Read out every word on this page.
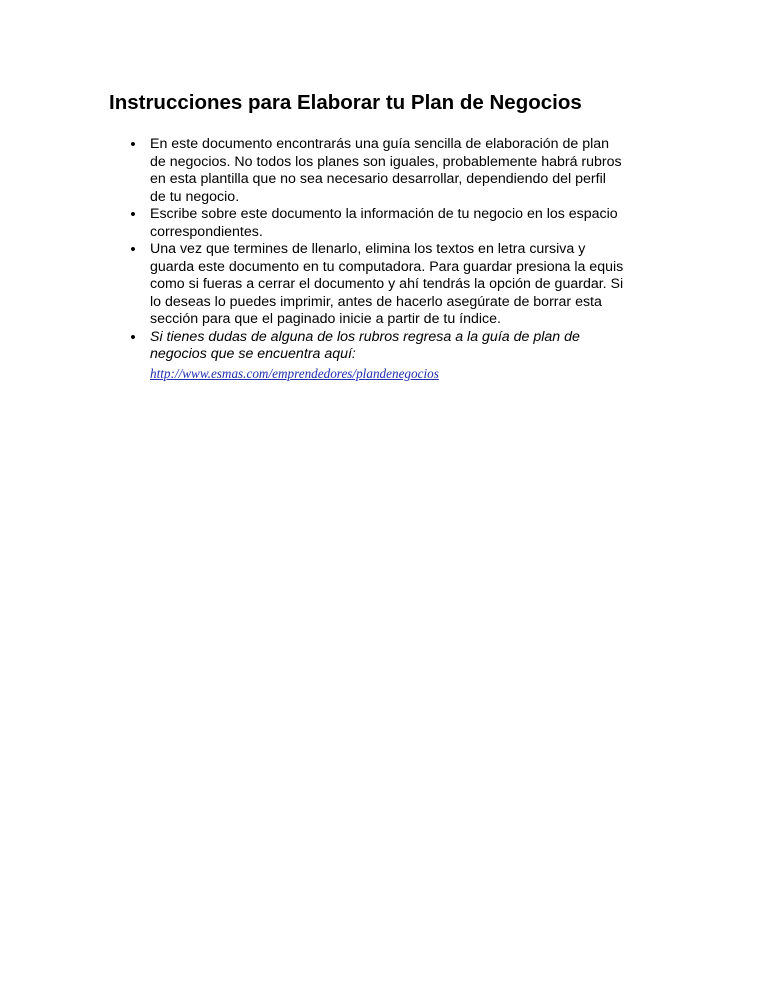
Instrucciones para Elaborar tu Plan de Negocios
•	En este documento encontrarás una guía sencilla de elaboración de plan
de negocios. No todos los planes son iguales, probablemente habrá rubros
en esta plantilla que no sea necesario desarrollar, dependiendo del perfil
de tu negocio.
•	Escribe sobre este documento la información de tu negocio en los espacio
correspondientes.
•	Una vez que termines de llenarlo, elimina los textos en letra cursiva y
guarda este documento en tu computadora. Para guardar presiona la equis
como si fueras a cerrar el documento y ahí tendrás la opción de guardar. Si
lo deseas lo puedes imprimir, antes de hacerlo asegúrate de borrar esta
sección para que el paginado inicie a partir de tu índice.
•	Si tienes dudas de alguna de los rubros regresa a la guía de plan de
negocios que se encuentra aquí:
http://www.esmas.com/emprendedores/plandenegocios
